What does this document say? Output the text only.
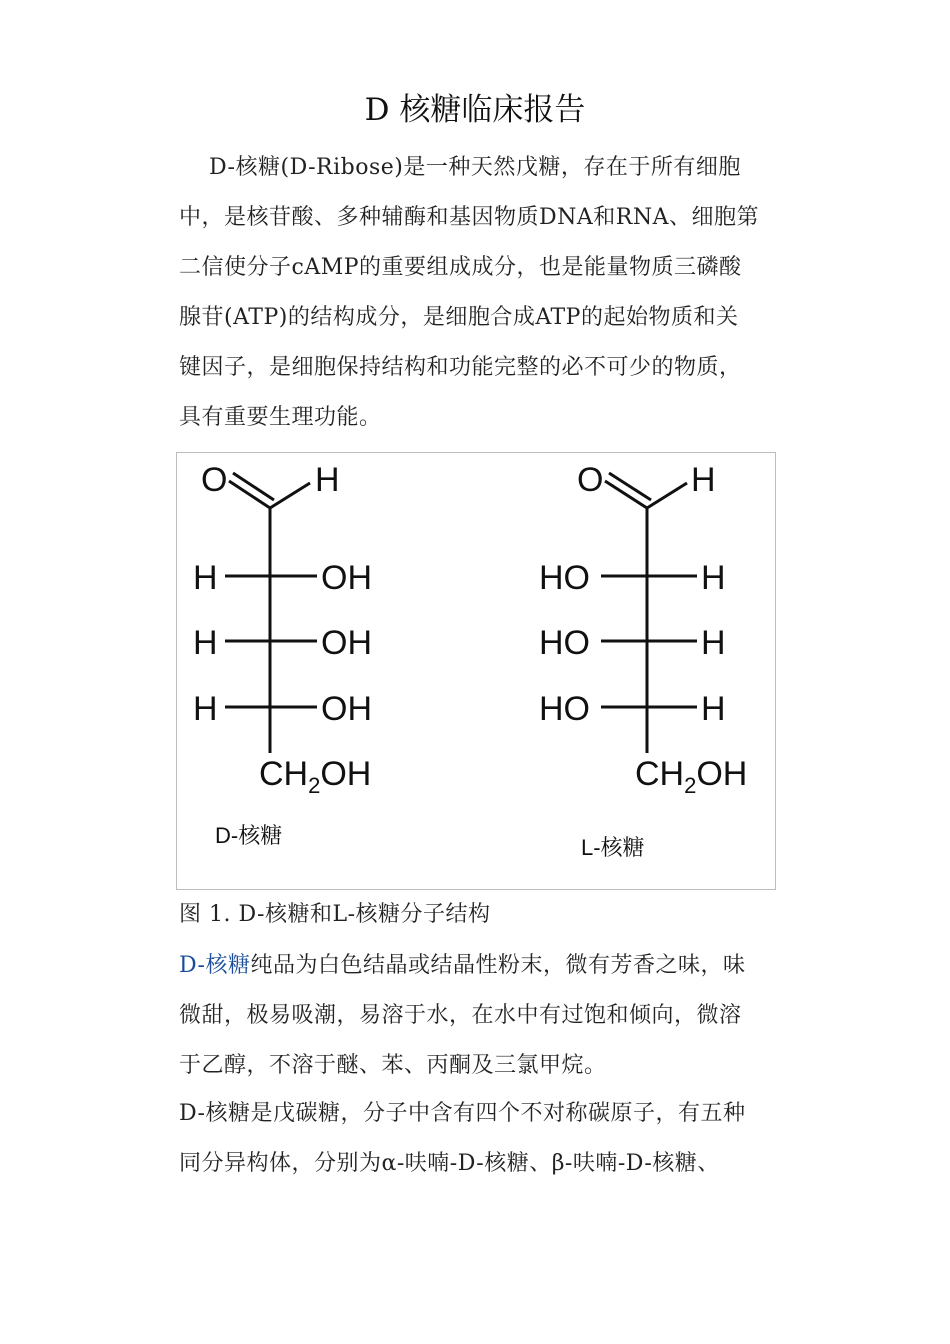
D 核糖临床报告
D-核糖(D-Ribose)是一种天然戊糖，存在于所有细胞
中，是核苷酸、多种辅酶和基因物质DNA和RNA、细胞第
二信使分子cAMP的重要组成成分，也是能量物质三磷酸
腺苷(ATP)的结构成分，是细胞合成ATP的起始物质和关
键因子，是细胞保持结构和功能完整的必不可少的物质，
具有重要生理功能。
O	H
H	OH
H	OH
H	OH
$CH_2OH$
D-核糖
O	H
HO	H
HO	H
HO	H
$CH_2OH$
L-核糖
图 1. D-核糖和L-核糖分子结构
D-核糖纯品为白色结晶或结晶性粉末，微有芳香之味，味
微甜，极易吸潮，易溶于水，在水中有过饱和倾向，微溶
于乙醇，不溶于醚、苯、丙酮及三氯甲烷。
D-核糖是戊碳糖，分子中含有四个不对称碳原子，有五种
同分异构体，分别为α-呋喃-D-核糖、β-呋喃-D-核糖、
